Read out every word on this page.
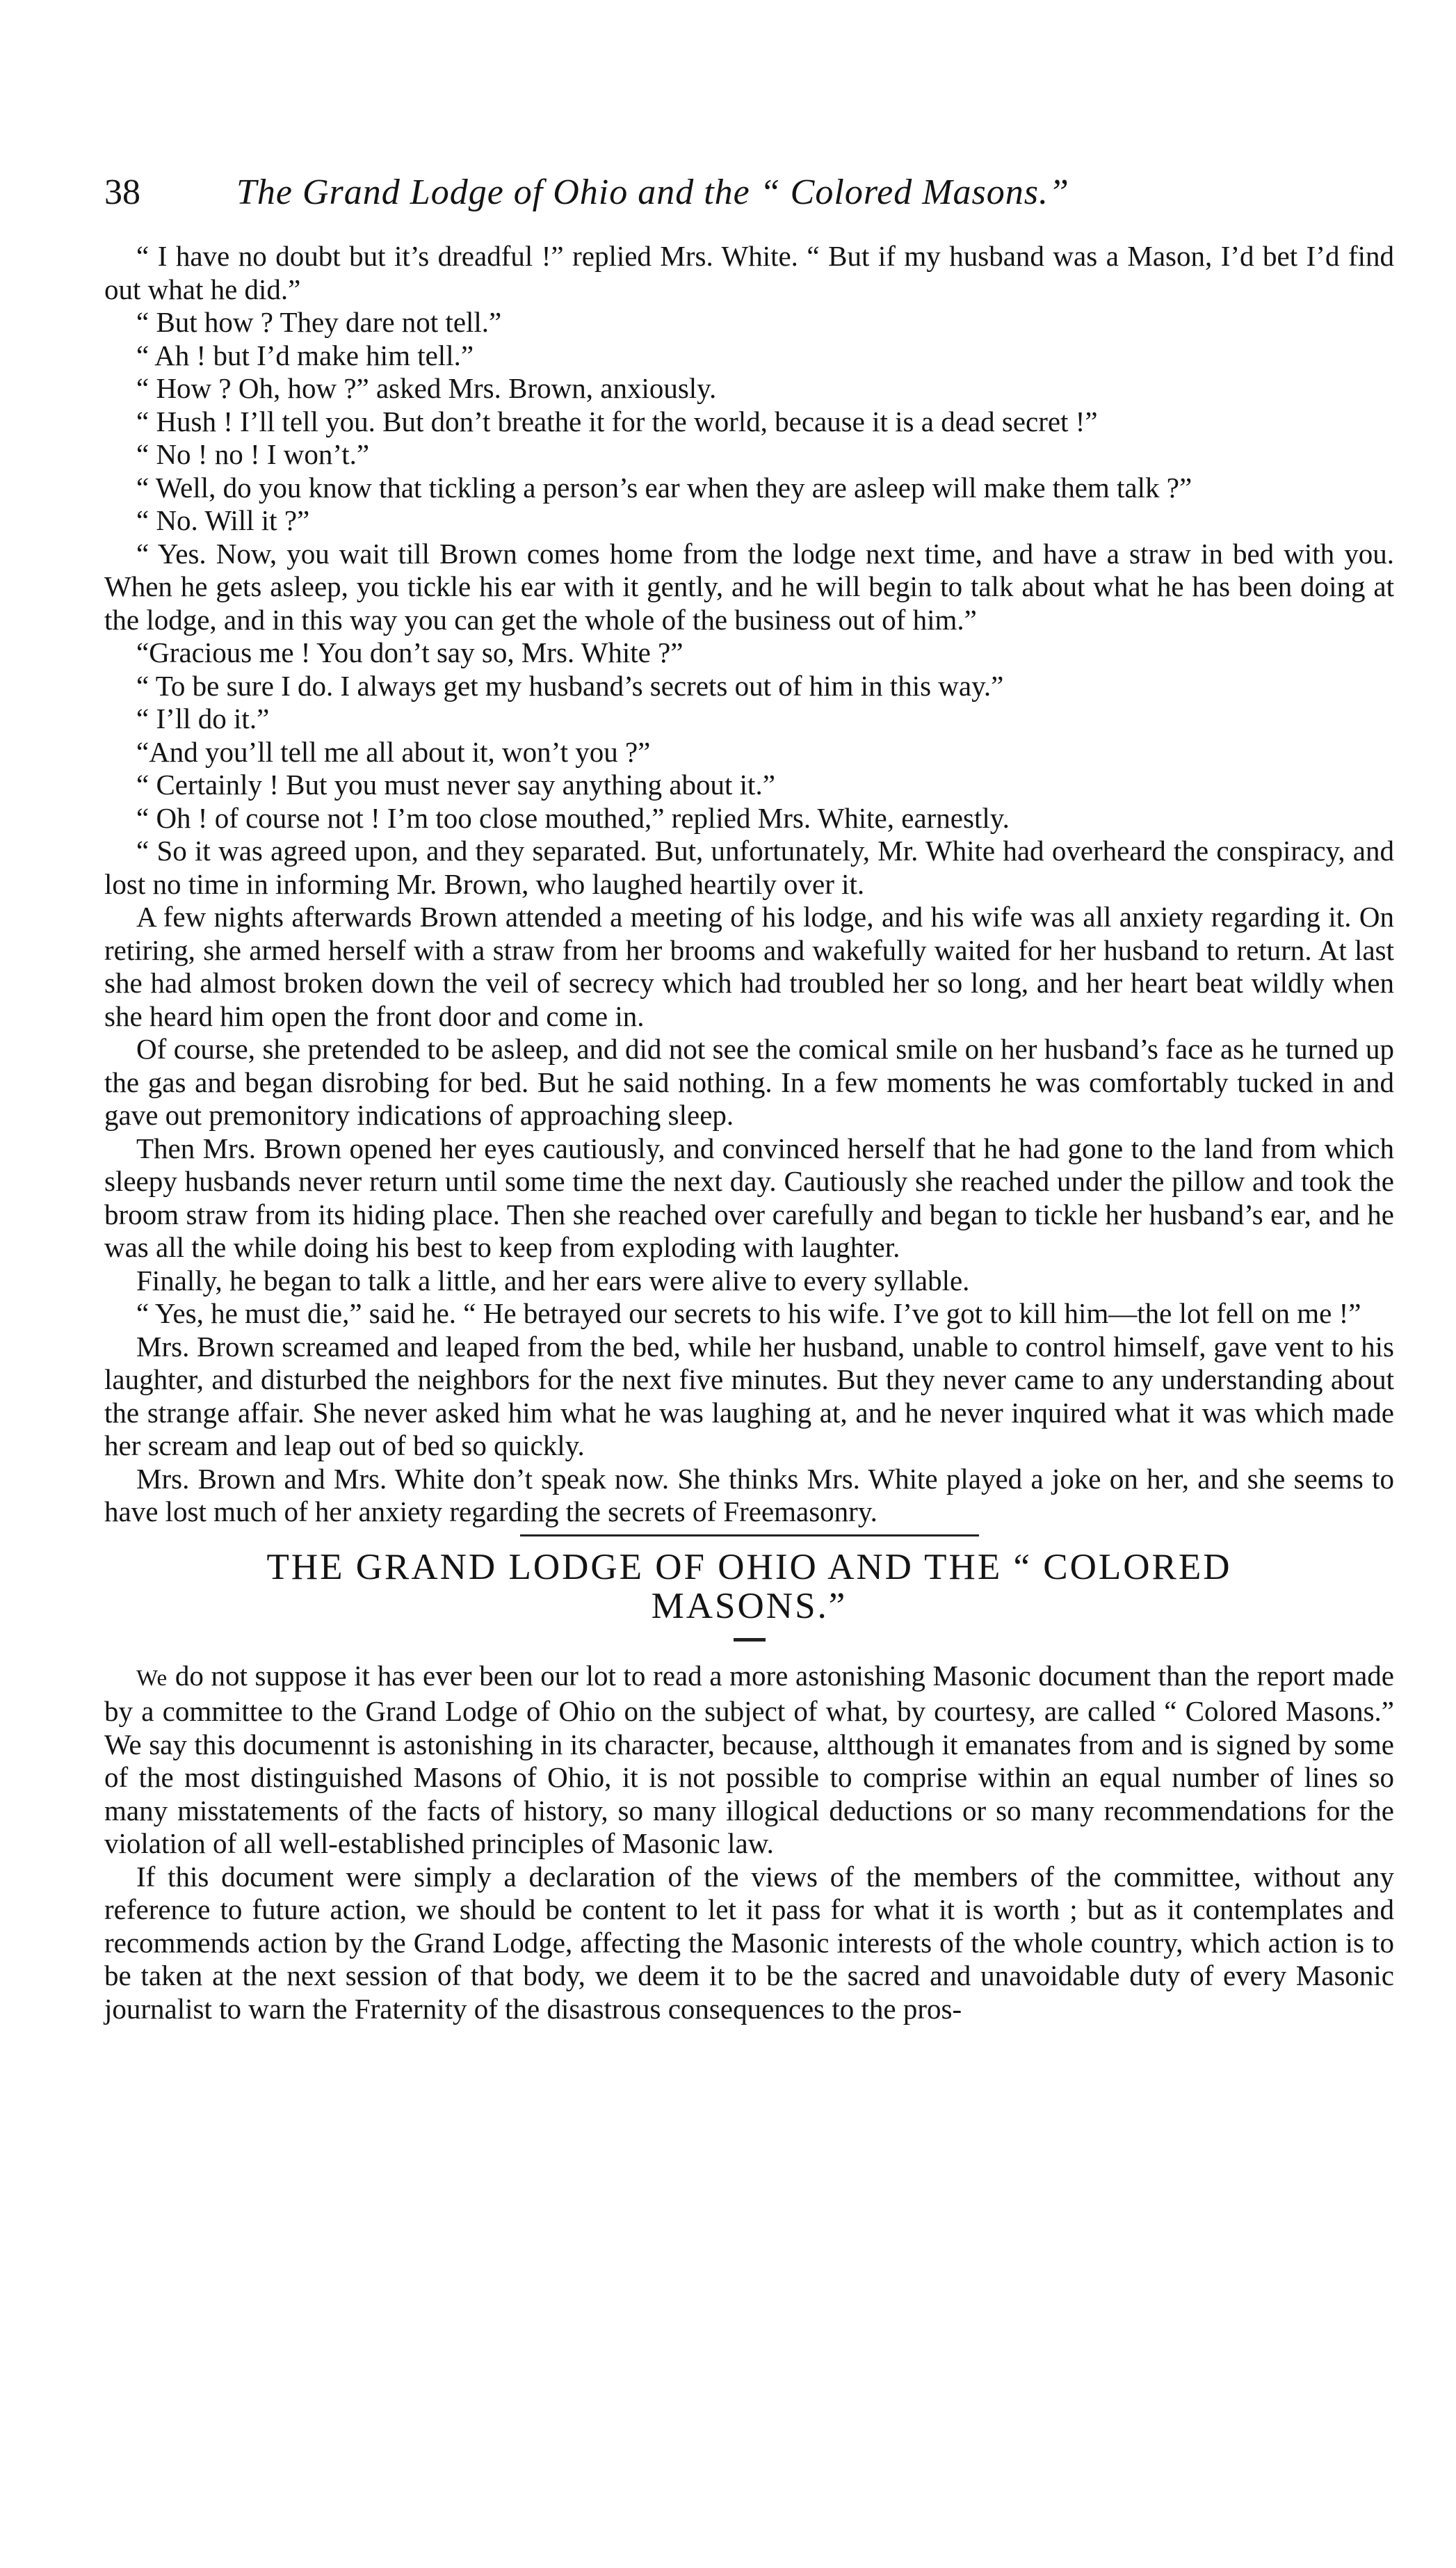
38	The Grand Lodge of Ohio and the “ Colored Masons.”

“ I have no doubt but it’s dreadful !” replied Mrs. White. “ But if my husband was a Mason, I’d bet I’d find out what he did.”

“ But how ? They dare not tell.”

“ Ah ! but I’d make him tell.”

“ How ? Oh, how ?” asked Mrs. Brown, anxiously.

“ Hush ! I’ll tell you. But don’t breathe it for the world, because it is a dead secret !”

“ No ! no ! I won’t.”

“ Well, do you know that tickling a person’s ear when they are asleep will make them talk ?”

“ No. Will it ?”

“ Yes. Now, you wait till Brown comes home from the lodge next time, and have a straw in bed with you. When he gets asleep, you tickle his ear with it gently, and he will begin to talk about what he has been doing at the lodge, and in this way you can get the whole of the business out of him.”

“Gracious me ! You don’t say so, Mrs. White ?”

“ To be sure I do. I always get my husband’s secrets out of him in this way.”

“ I’ll do it.”

“And you’ll tell me all about it, won’t you ?”

“ Certainly ! But you must never say anything about it.”

“ Oh ! of course not ! I’m too close mouthed,” replied Mrs. White, earnestly.

“ So it was agreed upon, and they separated. But, unfortunately, Mr. White had overheard the conspiracy, and lost no time in informing Mr. Brown, who laughed heartily over it.

A few nights afterwards Brown attended a meeting of his lodge, and his wife was all anxiety regarding it. On retiring, she armed herself with a straw from her brooms and wakefully waited for her husband to return. At last she had almost broken down the veil of secrecy which had troubled her so long, and her heart beat wildly when she heard him open the front door and come in.

Of course, she pretended to be asleep, and did not see the comical smile on her husband’s face as he turned up the gas and began disrobing for bed. But he said nothing. In a few moments he was comfortably tucked in and gave out premonitory indications of approaching sleep.

Then Mrs. Brown opened her eyes cautiously, and convinced herself that he had gone to the land from which sleepy husbands never return until some time the next day. Cautiously she reached under the pillow and took the broom straw from its hiding place. Then she reached over carefully and began to tickle her husband’s ear, and he was all the while doing his best to keep from exploding with laughter.

Finally, he began to talk a little, and her ears were alive to every syllable.

“ Yes, he must die,” said he. “ He betrayed our secrets to his wife. I’ve got to kill him—the lot fell on me !”

Mrs. Brown screamed and leaped from the bed, while her husband, unable to control himself, gave vent to his laughter, and disturbed the neighbors for the next five minutes. But they never came to any understanding about the strange affair. She never asked him what he was laughing at, and he never inquired what it was which made her scream and leap out of bed so quickly.

Mrs. Brown and Mrs. White don’t speak now. She thinks Mrs. White played a joke on her, and she seems to have lost much of her anxiety regarding the secrets of Freemasonry.

THE GRAND LODGE OF OHIO AND THE “ COLORED
MASONS.”

We do not suppose it has ever been our lot to read a more astonishing Masonic document than the report made by a committee to the Grand Lodge of Ohio on the subject of what, by courtesy, are called “ Colored Masons.” We say this documennt is astonishing in its character, because, altthough it emanates from and is signed by some of the most distinguished Masons of Ohio, it is not possible to comprise within an equal number of lines so many misstatements of the facts of history, so many illogical deductions or so many recommendations for the violation of all well-established principles of Masonic law.

If this document were simply a declaration of the views of the members of the committee, without any reference to future action, we should be content to let it pass for what it is worth ; but as it contemplates and recommends action by the Grand Lodge, affecting the Masonic interests of the whole country, which action is to be taken at the next session of that body, we deem it to be the sacred and unavoidable duty of every Masonic journalist to warn the Fraternity of the disastrous consequences to the pros-
